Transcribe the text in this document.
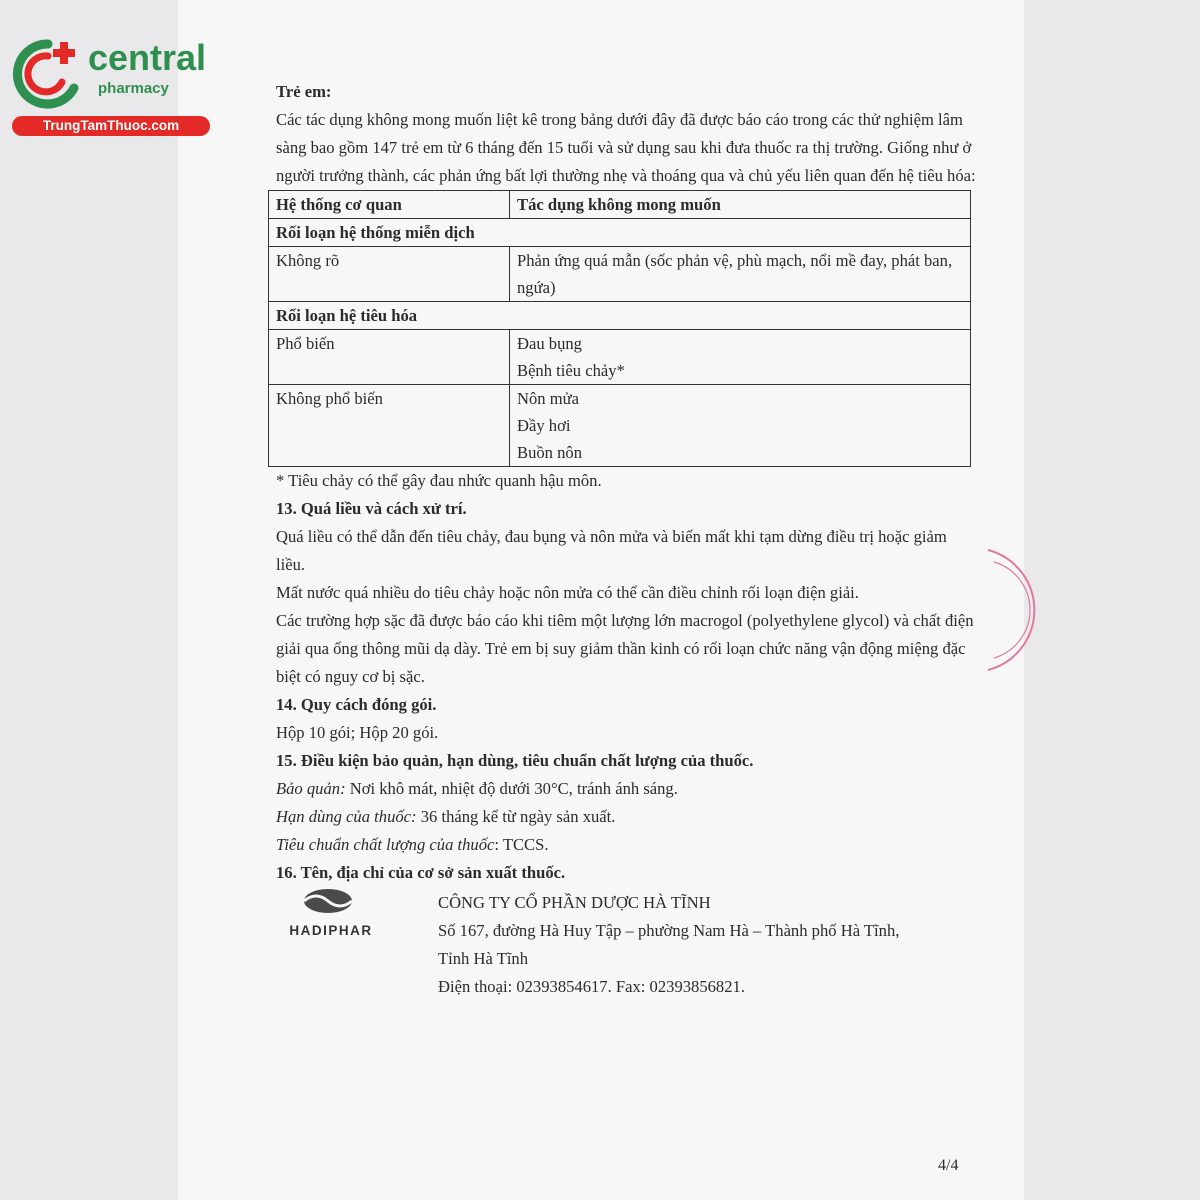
central
pharmacy
TrungTamThuoc.com

Trẻ em:

Các tác dụng không mong muốn liệt kê trong bảng dưới đây đã được báo cáo trong các thử nghiệm lâm sàng bao gồm 147 trẻ em từ 6 tháng đến 15 tuổi và sử dụng sau khi đưa thuốc ra thị trường. Giống như ở người trưởng thành, các phản ứng bất lợi thường nhẹ và thoáng qua và chủ yếu liên quan đến hệ tiêu hóa:

Hệ thống cơ quan	Tác dụng không mong muốn
Rối loạn hệ thống miễn dịch	
Không rõ	Phản ứng quá mẫn (sốc phản vệ, phù mạch, nổi mề đay, phát ban, ngứa)

Rối loạn hệ tiêu hóa	
Phổ biến	Đau bụng
Bệnh tiêu chảy*

Không phổ biến	Nôn mửa
Đầy hơi
Buồn nôn

* Tiêu chảy có thể gây đau nhức quanh hậu môn.

13. Quá liều và cách xử trí.

Quá liều có thể dẫn đến tiêu chảy, đau bụng và nôn mửa và biến mất khi tạm dừng điều trị hoặc giảm liều.

Mất nước quá nhiều do tiêu chảy hoặc nôn mửa có thể cần điều chỉnh rối loạn điện giải.

Các trường hợp sặc đã được báo cáo khi tiêm một lượng lớn macrogol (polyethylene glycol) và chất điện giải qua ống thông mũi dạ dày. Trẻ em bị suy giảm thần kinh có rối loạn chức năng vận động miệng đặc biệt có nguy cơ bị sặc.

14. Quy cách đóng gói.

Hộp 10 gói; Hộp 20 gói.

15. Điều kiện bảo quản, hạn dùng, tiêu chuẩn chất lượng của thuốc.

Bảo quản: Nơi khô mát, nhiệt độ dưới 30°C, tránh ánh sáng.

Hạn dùng của thuốc: 36 tháng kể từ ngày sản xuất.

Tiêu chuẩn chất lượng của thuốc: TCCS.

16. Tên, địa chỉ của cơ sở sản xuất thuốc.

HADIPHAR

CÔNG TY CỔ PHẦN DƯỢC HÀ TĨNH

Số 167, đường Hà Huy Tập – phường Nam Hà – Thành phố Hà Tĩnh,

Tỉnh Hà Tĩnh

Điện thoại: 02393854617. Fax: 02393856821.

4/4
